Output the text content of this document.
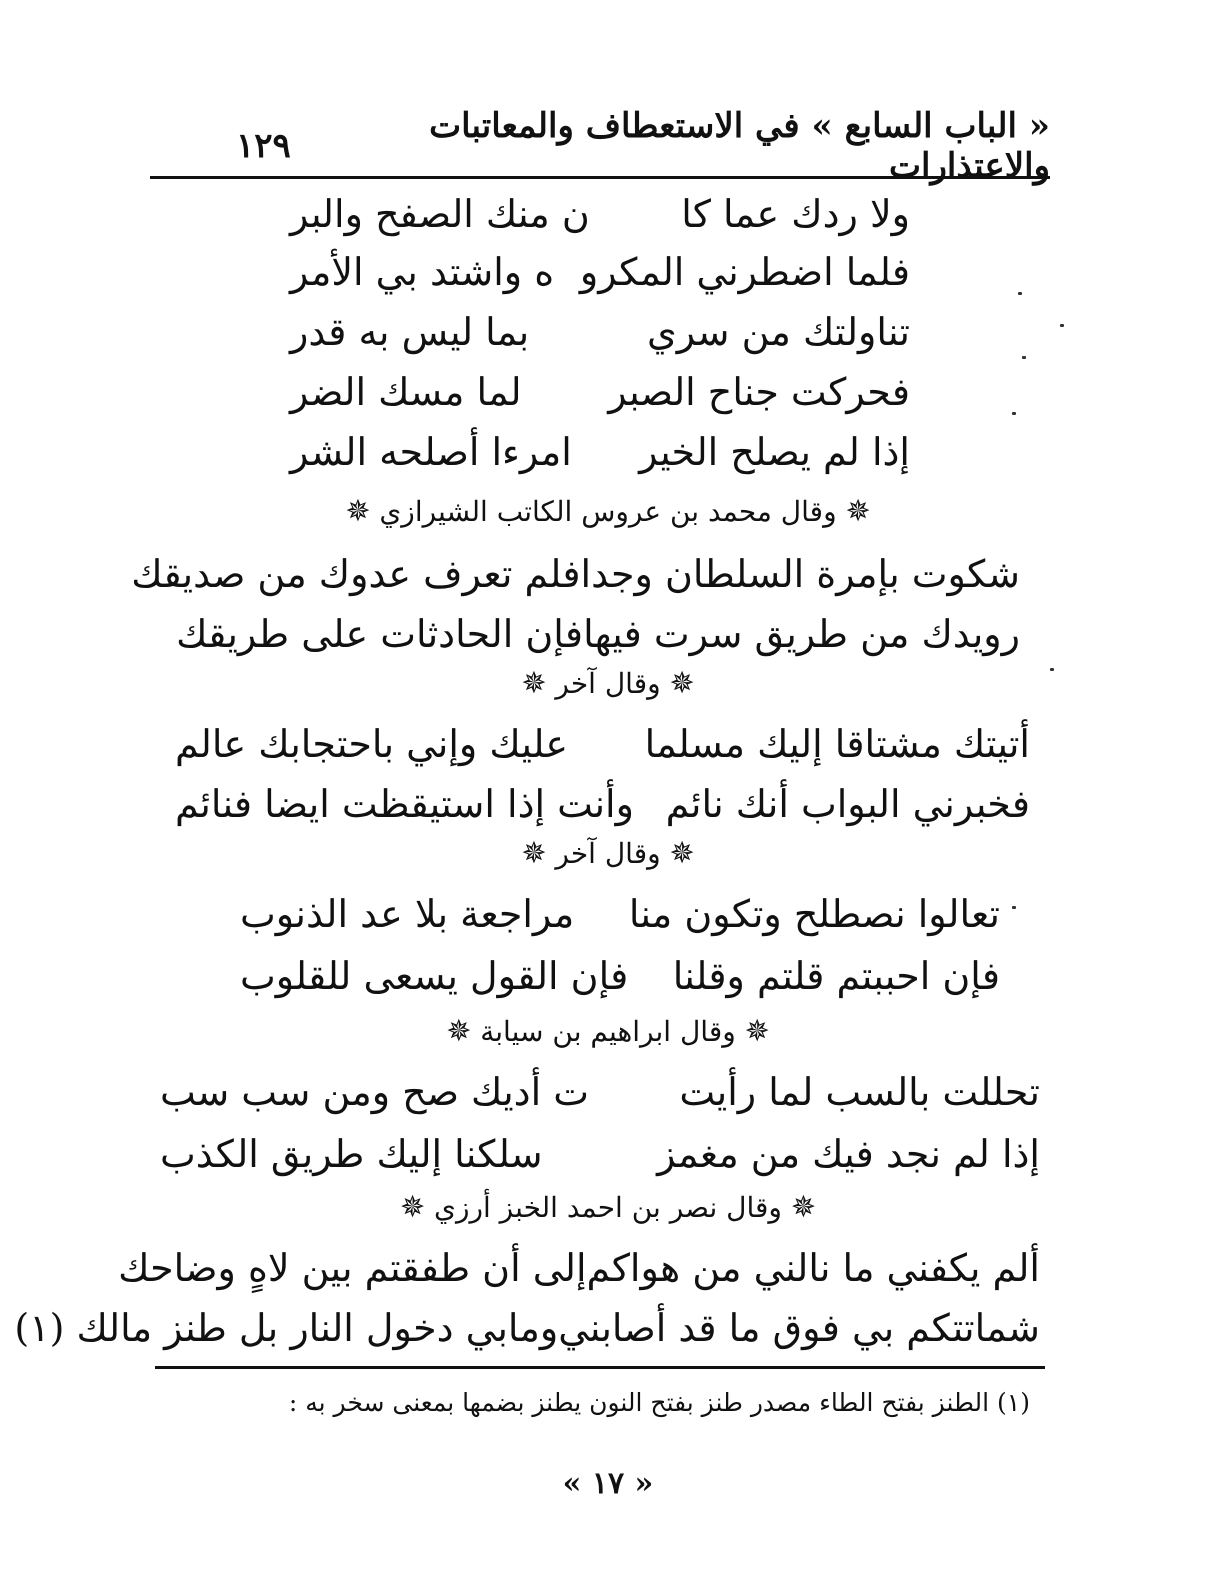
١٢٩	« الباب السابع » في الاستعطاف والمعاتبات والاعتذارات
ولا ردك عما كا
ن منك الصفح والبر
فلما اضطرني المكرو
ه واشتد بي الأمر
تناولتك من سري
بما ليس به قدر
فحركت جناح الصبر
لما مسك الضر
إذا لم يصلح الخير
امرءا أصلحه الشر
✵ وقال محمد بن عروس الكاتب الشيرازي ✵
شكوت بإمرة السلطان وجدا
فلم تعرف عدوك من صديقك
رويدك من طريق سرت فيها
فإن الحادثات على طريقك
✵ وقال آخر ✵
أتيتك مشتاقا إليك مسلما
عليك وإني باحتجابك عالم
فخبرني البواب أنك نائم
وأنت إذا استيقظت ايضا فنائم
✵ وقال آخر ✵
تعالوا نصطلح وتكون منا
مراجعة بلا عد الذنوب
فإن احببتم قلتم وقلنا
فإن القول يسعى للقلوب
✵ وقال ابراهيم بن سيابة ✵
تحللت بالسب لما رأيت
ت أديك صح ومن سب سب
إذا لم نجد فيك من مغمز
سلكنا إليك طريق الكذب
✵ وقال نصر بن احمد الخبز أرزي ✵
ألم يكفني ما نالني من هواكم
إلى أن طفقتم بين لاهٍ وضاحك
شماتتكم بي فوق ما قد أصابني
ومابي دخول النار بل طنز مالك (١)
(١) الطنز بفتح الطاء مصدر طنز بفتح النون يطنز بضمها بمعنى سخر به :
« ١٧ »
